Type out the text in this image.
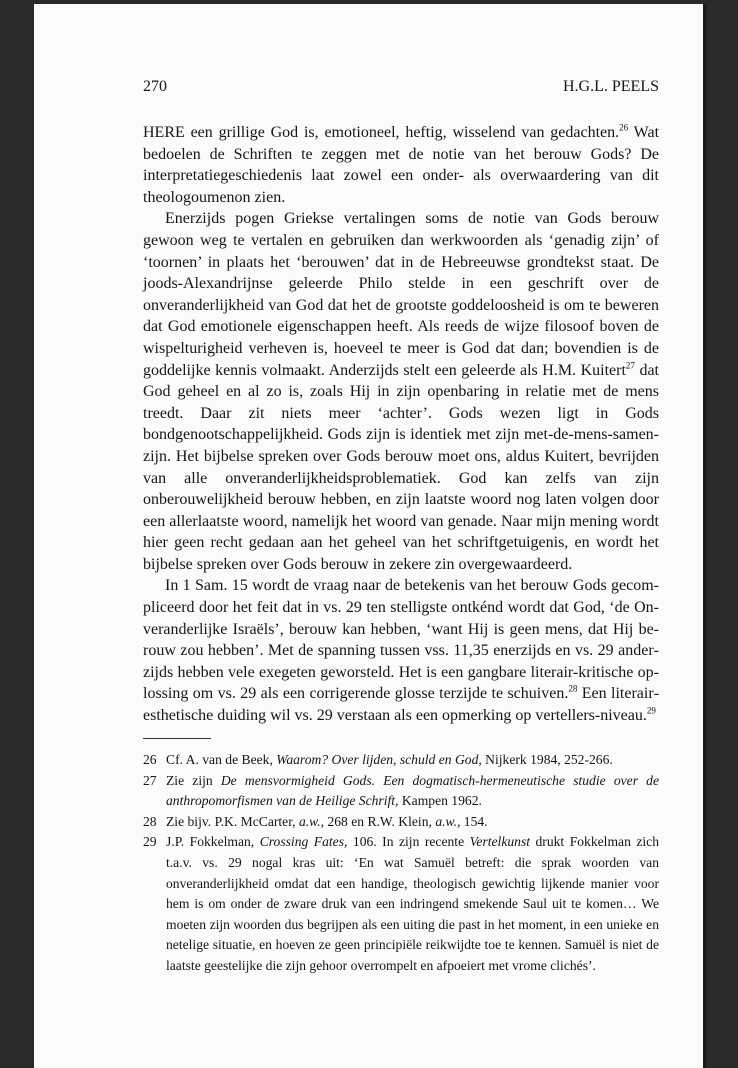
270	H.G.L. PEELS

HERE een grillige God is, emotioneel, heftig, wisselend van gedachten.$^{26}$ Wat bedoelen de Schriften te zeggen met de notie van het berouw Gods? De interpretatiegeschiedenis laat zowel een onder- als overwaardering van dit theologoumenon zien.

Enerzijds pogen Griekse vertalingen soms de notie van Gods berouw gewoon weg te vertalen en gebruiken dan werkwoorden als ‘genadig zijn’ of ‘toornen’ in plaats het ‘berouwen’ dat in de Hebreeuwse grondtekst staat. De joods-Alexandrijnse geleerde Philo stelde in een geschrift over de onveranderlijkheid van God dat het de grootste goddeloosheid is om te beweren dat God emotionele eigenschappen heeft. Als reeds de wijze filosoof boven de wispelturigheid verheven is, hoeveel te meer is God dat dan; bovendien is de goddelijke kennis volmaakt. Anderzijds stelt een geleerde als H.M. Kuitert$^{27}$ dat God geheel en al zo is, zoals Hij in zijn openbaring in relatie met de mens treedt. Daar zit niets meer ‘achter’. Gods wezen ligt in Gods bondgenootschappelijkheid. Gods zijn is identiek met zijn met-de-mens-samen-zijn. Het bijbelse spreken over Gods berouw moet ons, aldus Kuitert, bevrijden van alle onveranderlijkheidsproblematiek. God kan zelfs van zijn onberouwelijkheid berouw hebben, en zijn laatste woord nog laten volgen door een allerlaatste woord, namelijk het woord van genade. Naar mijn mening wordt hier geen recht gedaan aan het geheel van het schriftgetuigenis, en wordt het bijbelse spreken over Gods berouw in zekere zin overgewaardeerd.

In 1 Sam. 15 wordt de vraag naar de betekenis van het berouw Gods gecompliceerd door het feit dat in vs. 29 ten stelligste ontkénd wordt dat God, ‘de Onveranderlijke Israëls’, berouw kan hebben, ‘want Hij is geen mens, dat Hij berouw zou hebben’. Met de spanning tussen vss. 11,35 enerzijds en vs. 29 anderzijds hebben vele exegeten geworsteld. Het is een gangbare literair-kritische oplossing om vs. 29 als een corrigerende glosse terzijde te schuiven.$^{28}$ Een literairesthetische duiding wil vs. 29 verstaan als een opmerking op vertellers-niveau.$^{29}$

26 Cf. A. van de Beek, Waarom? Over lijden, schuld en God, Nijkerk 1984, 252-266.
27 Zie zijn De mensvormigheid Gods. Een dogmatisch-hermeneutische studie over de anthropomorfismen van de Heilige Schrift, Kampen 1962.
28 Zie bijv. P.K. McCarter, a.w., 268 en R.W. Klein, a.w., 154.
29 J.P. Fokkelman, Crossing Fates, 106. In zijn recente Vertelkunst drukt Fokkelman zich t.a.v. vs. 29 nogal kras uit: ‘En wat Samuël betreft: die sprak woorden van onveranderlijkheid omdat dat een handige, theologisch gewichtig lijkende manier voor hem is om onder de zware druk van een indringend smekende Saul uit te komen… We moeten zijn woorden dus begrijpen als een uiting die past in het moment, in een unieke en netelige situatie, en hoeven ze geen principiële reikwijdte toe te kennen. Samuël is niet de laatste geestelijke die zijn gehoor overrompelt en afpoeiert met vrome clichés’.
